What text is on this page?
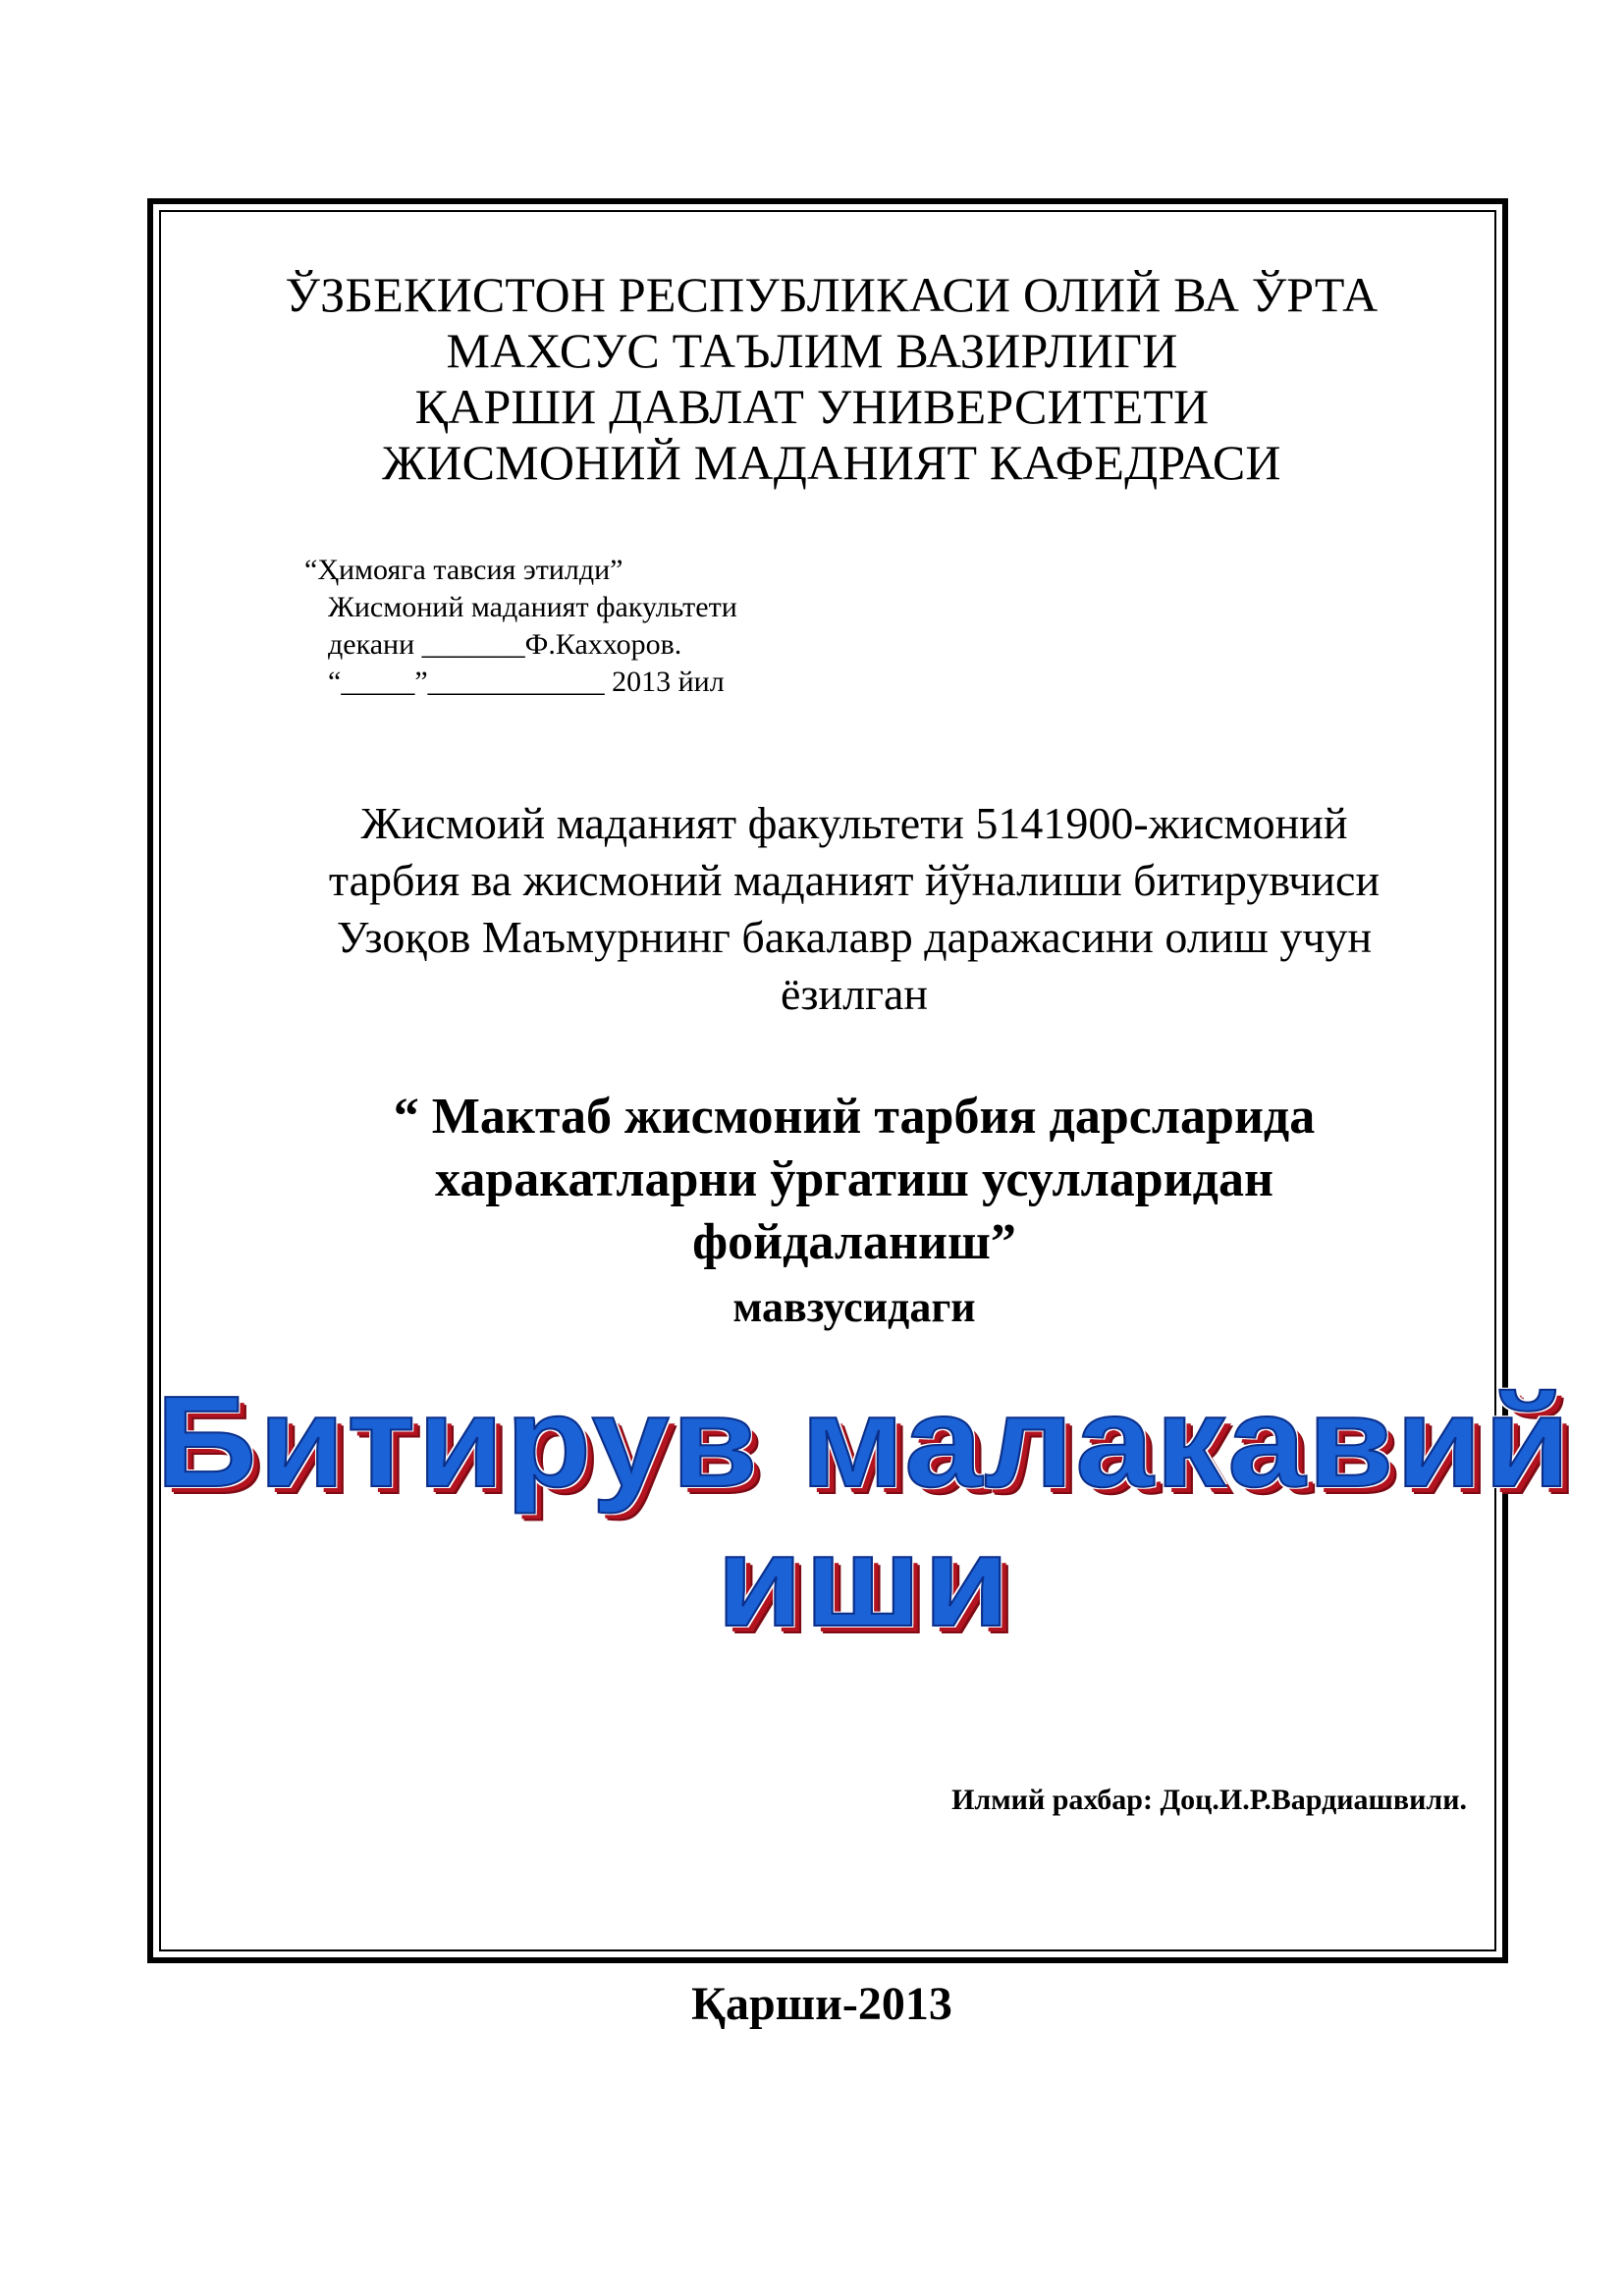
ЎЗБЕКИСТОН РЕСПУБЛИКАСИ ОЛИЙ ВА ЎРТА
МАХСУС ТАЪЛИМ ВАЗИРЛИГИ
ҚАРШИ ДАВЛАТ УНИВЕРСИТЕТИ
ЖИСМОНИЙ МАДАНИЯТ КАФЕДРАСИ
“Ҳимояга тавсия этилди”
Жисмоний маданият факультети
декани _______Ф.Каххоров.
“_____”____________ 2013 йил
Жисмоий маданият факультети 5141900-жисмоний
тарбия ва жисмоний маданият йўналиши битирувчиси
Узоқов Маъмурнинг бакалавр даражасини олиш учун
ёзилган
“ Мактаб жисмоний тарбия дарсларида
харакатларни ўргатиш усулларидан
фойдаланиш”
мавзусидаги
Битирув малакавий
иши
Илмий рахбар: Доц.И.Р.Вардиашвили.
Қарши-2013
